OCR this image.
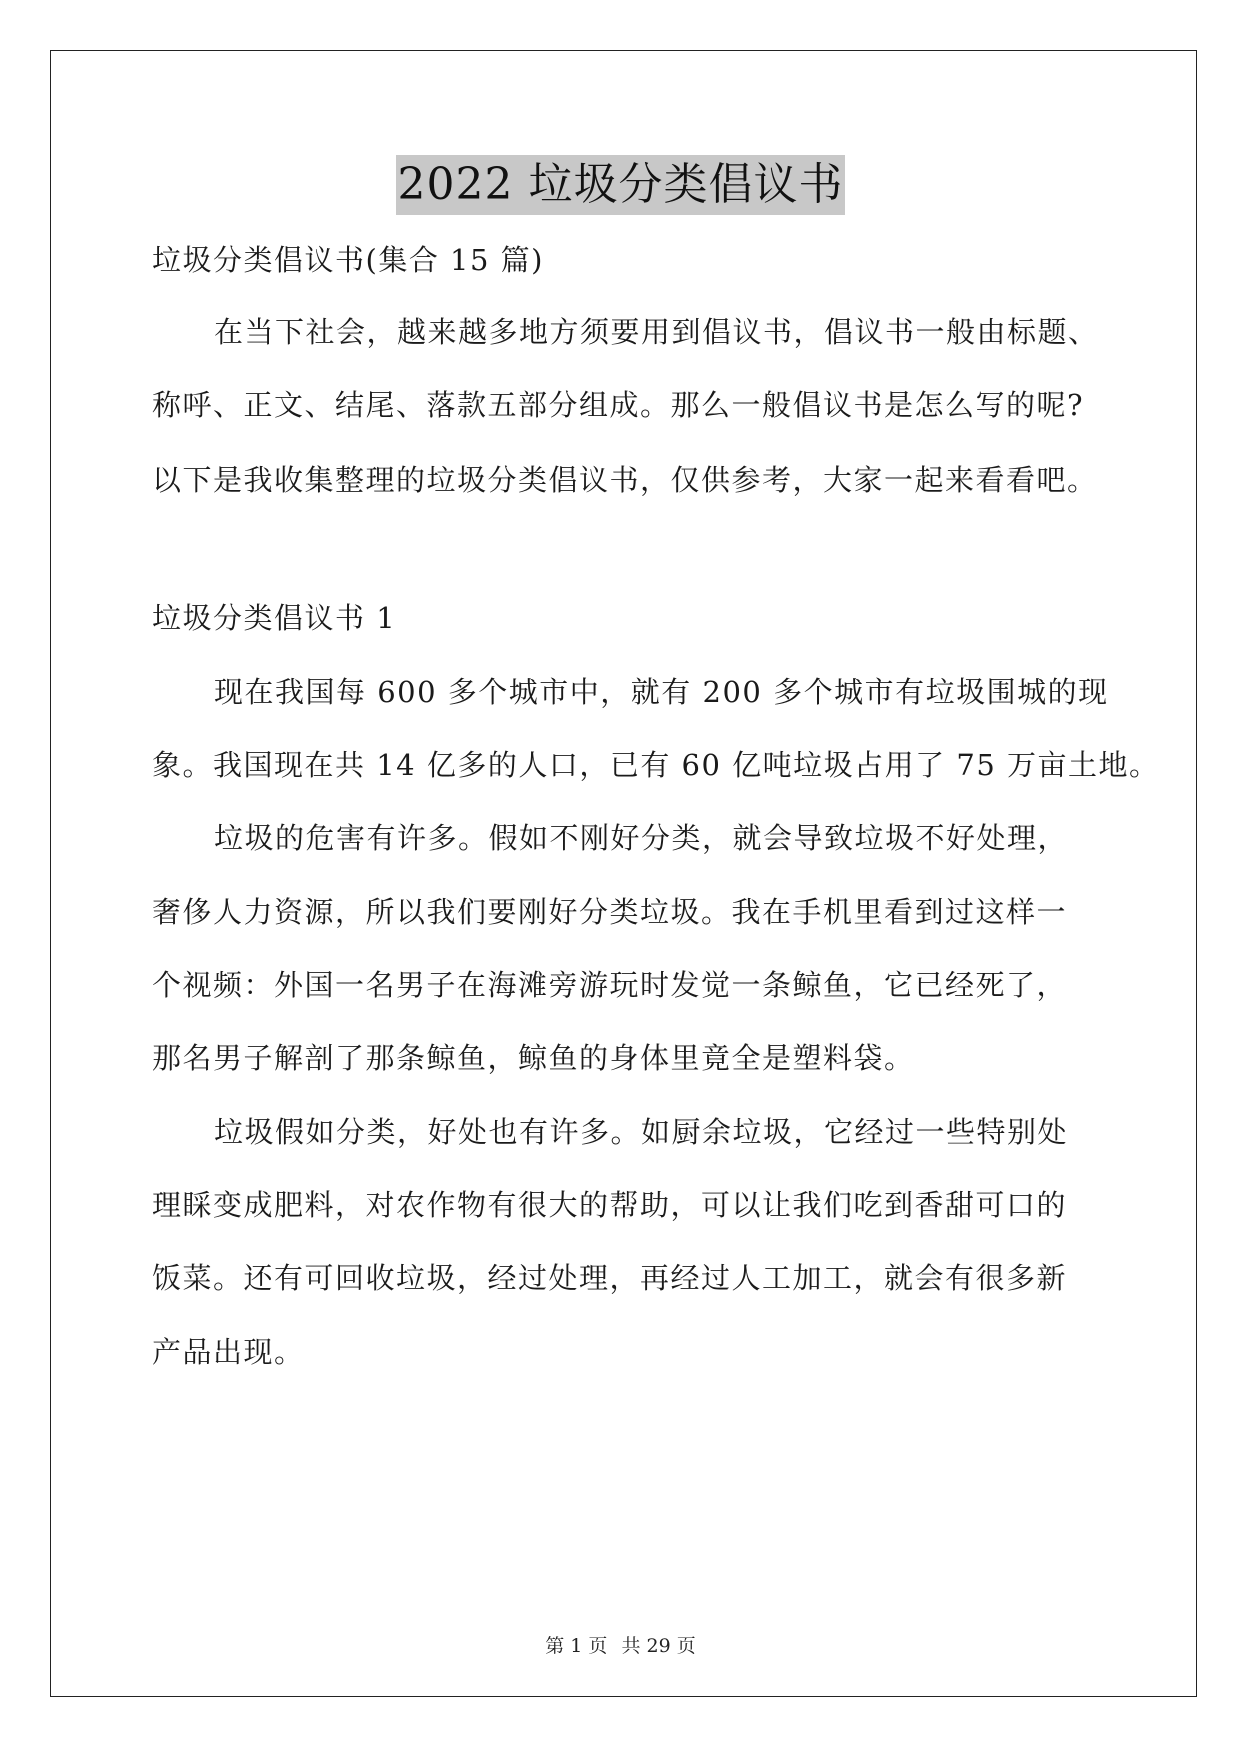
2022 垃圾分类倡议书
垃圾分类倡议书(集合 15 篇)
在当下社会，越来越多地方须要用到倡议书，倡议书一般由标题、
称呼、正文、结尾、落款五部分组成。那么一般倡议书是怎么写的呢?
以下是我收集整理的垃圾分类倡议书，仅供参考，大家一起来看看吧。
垃圾分类倡议书 1
现在我国每 600 多个城市中，就有 200 多个城市有垃圾围城的现
象。我国现在共 14 亿多的人口，已有 60 亿吨垃圾占用了 75 万亩土地。
垃圾的危害有许多。假如不刚好分类，就会导致垃圾不好处理，
奢侈人力资源，所以我们要刚好分类垃圾。我在手机里看到过这样一
个视频：外国一名男子在海滩旁游玩时发觉一条鲸鱼，它已经死了，
那名男子解剖了那条鲸鱼，鲸鱼的身体里竟全是塑料袋。
垃圾假如分类，好处也有许多。如厨余垃圾，它经过一些特别处
理睬变成肥料，对农作物有很大的帮助，可以让我们吃到香甜可口的
饭菜。还有可回收垃圾，经过处理，再经过人工加工，就会有很多新
产品出现。
第 1 页 共 29 页
